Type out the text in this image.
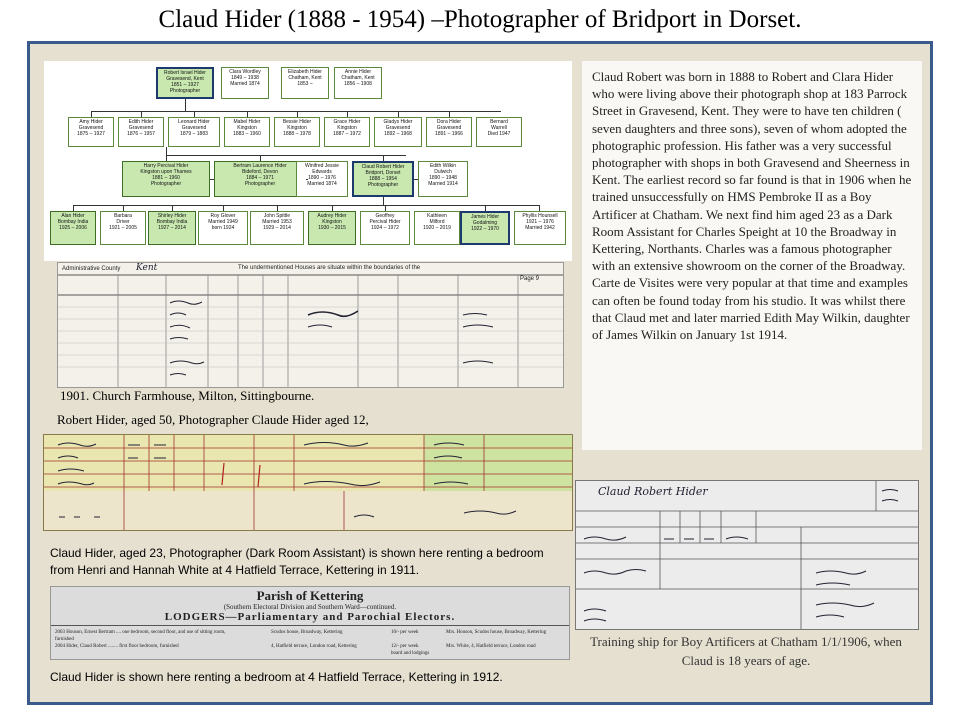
Claud Hider (1888 - 1954) –Photographer of Bridport in Dorset.
Robert Israel Hider
Gravesend, Kent
1851 – 1927
Photographer
Clara Wordley
1849 – 1938
Married 1874
Elizabeth Hider
Chatham, Kent
1853 –
Annie Hider
Chatham, Kent
1856 – 1908
Amy Hider
Gravesend
1875 – 1927
Edith Hider
Gravesend
1876 – 1957
Leonard Hider
Gravesend
1879 – 1883
Mabel Hider
Kingston
1883 – 1960
Bessie Hider
Kingston
1888 – 1978
Grace Hider
Kingston
1887 – 1972
Gladys Hider
Gravesend
1892 – 1968
Dora Hider
Gravesend
1891 – 1966
Bernard
Warrell
Died 1947
Harry Percival Hider
Kingston upon Thames
1881 – 1960
Photographer
Bertram Laurence Hider
Bideford, Devon
1884 – 1971
Photographer
Winifred Jessie
Edwards
1890 – 1976
Married 1874
Claud Robert Hider
Bridport, Dorset
1888 – 1954
Photographer
Edith Wilkin
Dulwich
1890 – 1948
Married 1914
Alan Hider
Bombay India
1925 – 2006
Barbara
Driver
1921 – 2005
Shirley Hider
Bombay India
1927 – 2014
Roy Glover
Married 1949
born 1924
John Spittle
Married 1953
1929 – 2014
Audrey Hider
Kingston
1930 – 2015
Geoffrey
Percival Hider
1924 – 1972
Kathleen
Milford
1920 – 2019
James Hider
Godalming
1922 – 1970
Phyllis Hounsell
1921 – 1976
Married 1942
Claud Robert was born in 1888 to Robert and Clara Hider who were living above their photograph shop at 183 Parrock Street in Gravesend, Kent. They were to have ten children ( seven daughters and three sons), seven of whom adopted the photographic profession. His father was a very successful photographer with shops in both Gravesend and Sheerness in Kent. The earliest record so far found is that in 1906 when he trained unsuccessfully on HMS Pembroke II as a Boy Artificer at Chatham. We next find him aged 23 as a Dark Room Assistant for Charles Speight at 10 the Broadway in Kettering, Northants. Charles was a famous photographer with an extensive showroom on the corner of the Broadway. Carte de Visites were very popular at that time and examples can often be found today from his studio. It was whilst there that Claud met and later married Edith May Wilkin, daughter of James Wilkin on January 1st 1914.
Administrative County Kent	The undermentioned Houses are situate within the boundaries of the
Page 9
1901. Church Farmhouse, Milton, Sittingbourne.
Robert Hider, aged 50, Photographer Claude Hider aged 12,
Claud Hider, aged 23, Photographer (Dark Room Assistant) is shown here renting a bedroom from Henri and Hannah White at 4 Hatfield Terrace, Kettering in 1911.
Parish of Kettering
(Southern Electoral Division and Southern Ward—continued.
LODGERS—Parliamentary and Parochial Electors.
2003 Houson, Ernest Bertram .... one bedroom, second floor, and use of sitting room, furnished
2004 Hider, Claud Robert ........ first floor bedroom, furnished
Scudos house, Broadway, Kettering
4, Hatfield terrace, London road, Kettering
10/- per week
12/- per week board and lodgings
Mrs. Houson, Scudos house, Broadway, Kettering
Mrs. White, 4, Hatfield terrace, London road
Claud Hider is shown here renting a bedroom at 4 Hatfield Terrace, Kettering in 1912.
Claud Robert Hider
Training ship for Boy Artificers at Chatham 1/1/1906, when Claud is 18 years of age.
